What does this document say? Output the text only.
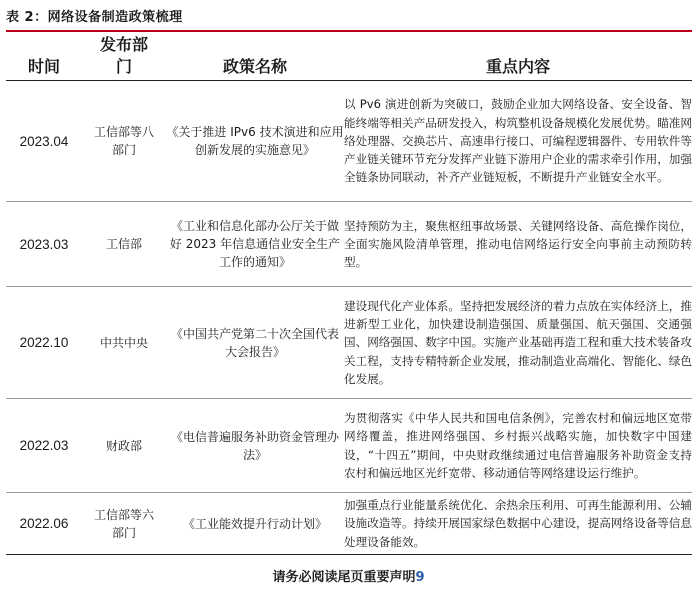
表 2：网络设备制造政策梳理
时间	发布部门	政策名称	重点内容
2023.04	工信部等八部门	《关于推进 IPv6 技术演进和应用创新发展的实施意见》	以 Pv6 演进创新为突破口，鼓励企业加大网络设备、安全设备、智能终端等相关产品研发投入，构筑整机设备规模化发展优势。瞄准网络处理器、交换芯片、高速串行接口、可编程逻辑器件、专用软件等产业链关键环节充分发挥产业链下游用户企业的需求牵引作用，加强全链条协同联动，补齐产业链短板，不断提升产业链安全水平。
2023.03	工信部	《工业和信息化部办公厅关于做好 2023 年信息通信业安全生产工作的通知》	坚持预防为主，聚焦枢纽事故场景、关键网络设备、高危操作岗位，全面实施风险清单管理，推动电信网络运行安全向事前主动预防转型。
2022.10	中共中央	《中国共产党第二十次全国代表大会报告》	建设现代化产业体系。坚持把发展经济的着力点放在实体经济上，推进新型工业化，加快建设制造强国、质量强国、航天强国、交通强国、网络强国、数字中国。实施产业基础再造工程和重大技术装备攻关工程，支持专精特新企业发展，推动制造业高端化、智能化、绿色化发展。
2022.03	财政部	《电信普遍服务补助资金管理办法》	为贯彻落实《中华人民共和国电信条例》，完善农村和偏远地区宽带网络覆盖，推进网络强国、乡村振兴战略实施，加快数字中国建设，“十四五”期间，中央财政继续通过电信普遍服务补助资金支持农村和偏远地区光纤宽带、移动通信等网络建设运行维护。
2022.06	工信部等六部门	《工业能效提升行动计划》	加强重点行业能量系统优化、余热余压利用、可再生能源利用、公辅设施改造等。持续开展国家绿色数据中心建设，提高网络设备等信息处理设备能效。
请务必阅读尾页重要声明9
